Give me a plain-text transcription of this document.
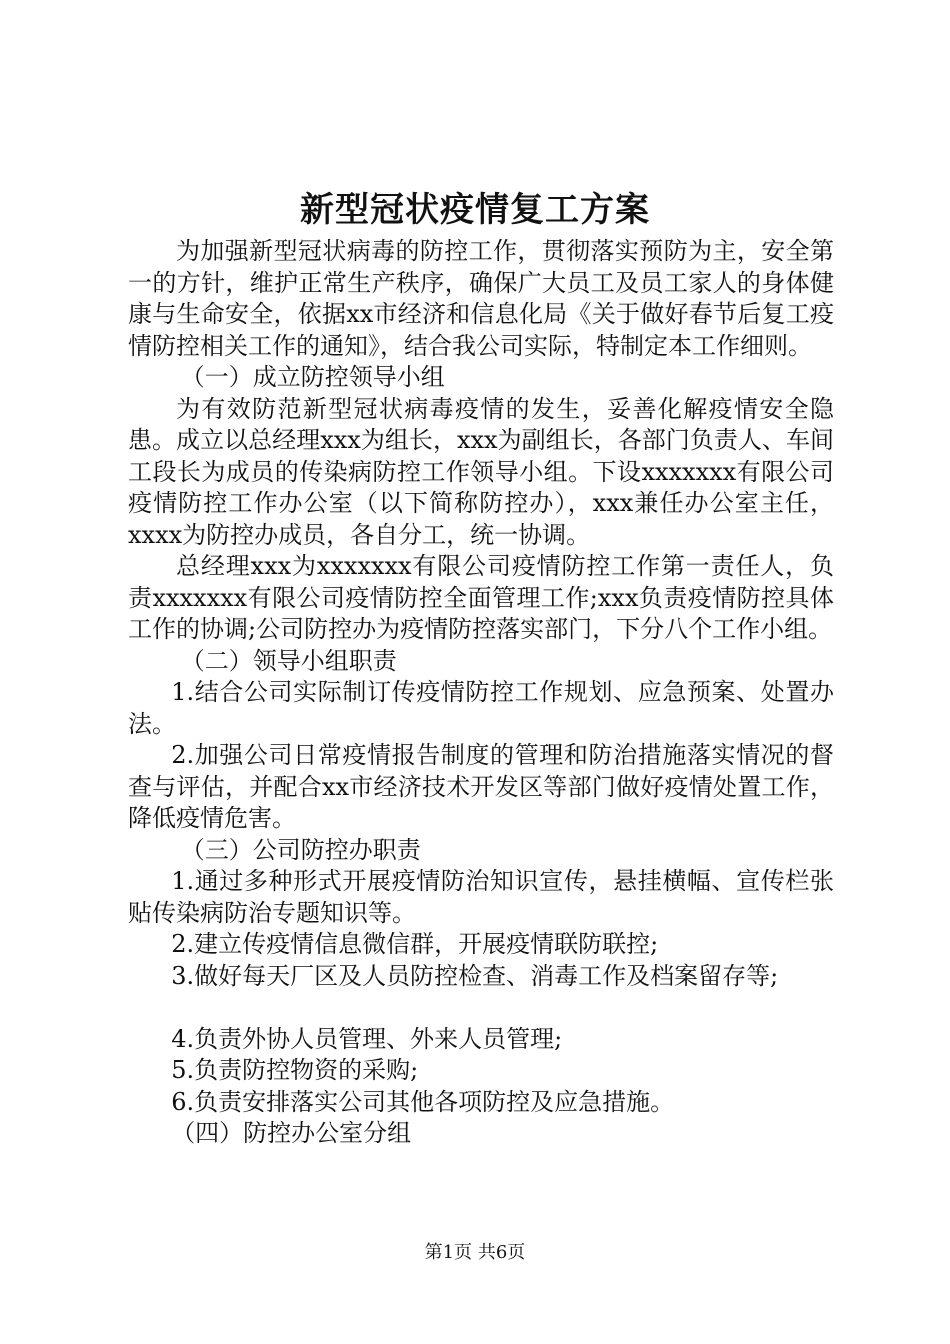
新型冠状疫情复工方案

为加强新型冠状病毒的防控工作，贯彻落实预防为主，安全第一的方针，维护正常生产秩序，确保广大员工及员工家人的身体健康与生命安全，依据xx市经济和信息化局《关于做好春节后复工疫情防控相关工作的通知》，结合我公司实际，特制定本工作细则。

（一）成立防控领导小组

为有效防范新型冠状病毒疫情的发生，妥善化解疫情安全隐患。成立以总经理xxx为组长，xxx为副组长，各部门负责人、车间工段长为成员的传染病防控工作领导小组。下设xxxxxxx有限公司疫情防控工作办公室（以下简称防控办），xxx兼任办公室主任，xxxx为防控办成员，各自分工，统一协调。

总经理xxx为xxxxxxx有限公司疫情防控工作第一责任人，负责xxxxxxx有限公司疫情防控全面管理工作;xxx负责疫情防控具体工作的协调;公司防控办为疫情防控落实部门，下分八个工作小组。

（二）领导小组职责

1.结合公司实际制订传疫情防控工作规划、应急预案、处置办法。

2.加强公司日常疫情报告制度的管理和防治措施落实情况的督查与评估，并配合xx市经济技术开发区等部门做好疫情处置工作，降低疫情危害。

（三）公司防控办职责

1.通过多种形式开展疫情防治知识宣传，悬挂横幅、宣传栏张贴传染病防治专题知识等。

2.建立传疫情信息微信群，开展疫情联防联控;

3.做好每天厂区及人员防控检查、消毒工作及档案留存等;

4.负责外协人员管理、外来人员管理;

5.负责防控物资的采购;

6.负责安排落实公司其他各项防控及应急措施。

（四）防控办公室分组

第1页 共6页
